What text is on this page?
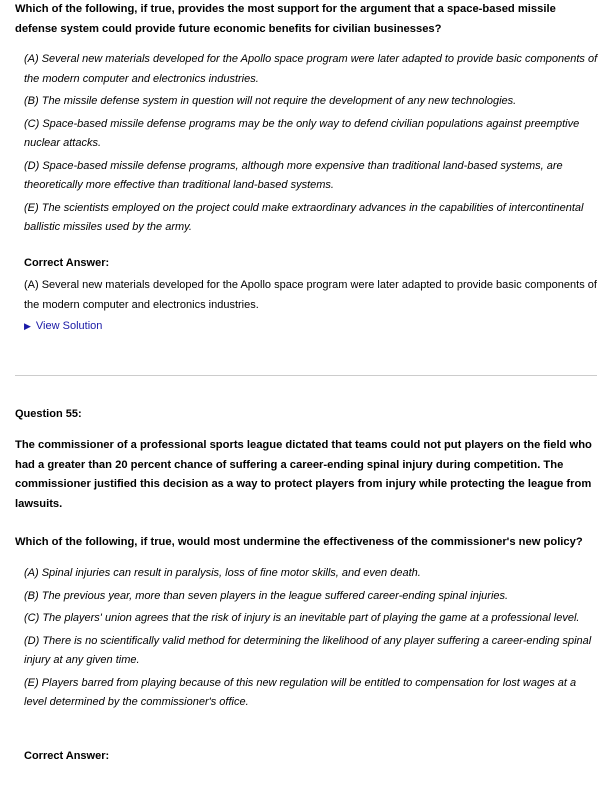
Which of the following, if true, provides the most support for the argument that a space-based missile defense system could provide future economic benefits for civilian businesses?

(A) Several new materials developed for the Apollo space program were later adapted to provide basic components of the modern computer and electronics industries.

(B) The missile defense system in question will not require the development of any new technologies.

(C) Space-based missile defense programs may be the only way to defend civilian populations against preemptive nuclear attacks.

(D) Space-based missile defense programs, although more expensive than traditional land-based systems, are theoretically more effective than traditional land-based systems.

(E) The scientists employed on the project could make extraordinary advances in the capabilities of intercontinental ballistic missiles used by the army.

Correct Answer:

(A) Several new materials developed for the Apollo space program were later adapted to provide basic components of the modern computer and electronics industries.

▶ View Solution

Question 55:

The commissioner of a professional sports league dictated that teams could not put players on the field who had a greater than 20 percent chance of suffering a career-ending spinal injury during competition. The commissioner justified this decision as a way to protect players from injury while protecting the league from lawsuits.

Which of the following, if true, would most undermine the effectiveness of the commissioner's new policy?

(A) Spinal injuries can result in paralysis, loss of fine motor skills, and even death.

(B) The previous year, more than seven players in the league suffered career-ending spinal injuries.

(C) The players' union agrees that the risk of injury is an inevitable part of playing the game at a professional level.

(D) There is no scientifically valid method for determining the likelihood of any player suffering a career-ending spinal injury at any given time.

(E) Players barred from playing because of this new regulation will be entitled to compensation for lost wages at a level determined by the commissioner's office.

Correct Answer:
